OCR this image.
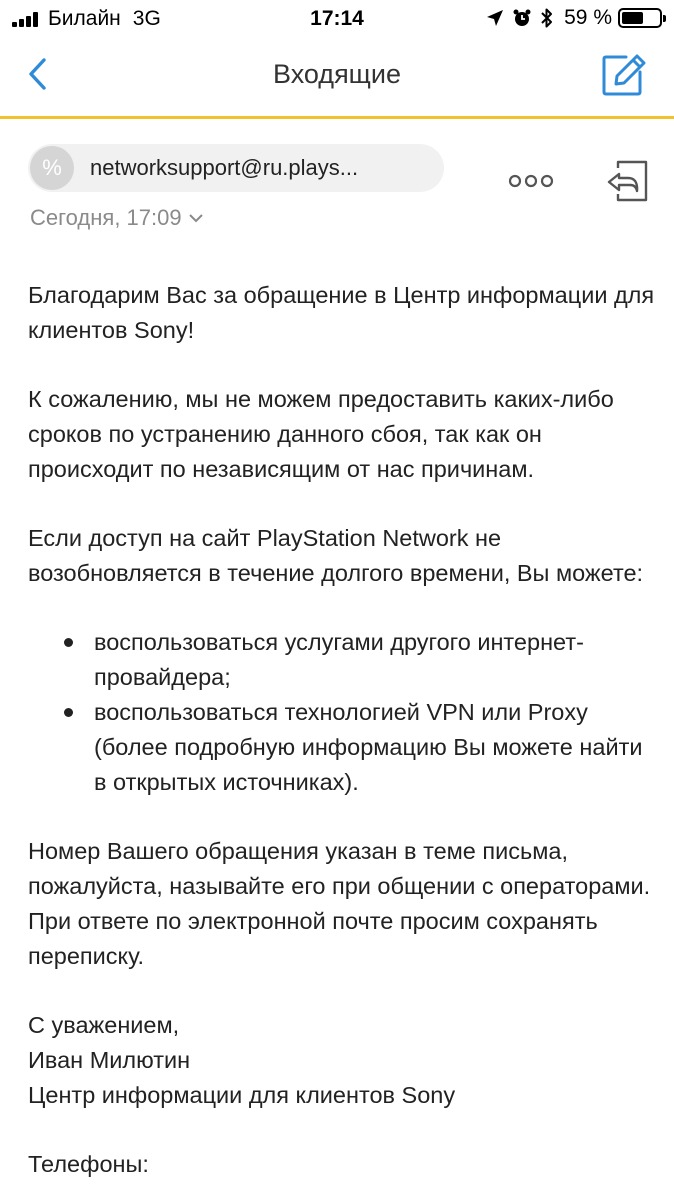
Билайн 3G	17:14	59 %
Входящие
%	networksupport@ru.plays...
Сегодня, 17:09

Благодарим Вас за обращение в Центр информации для клиентов Sony!

К сожалению, мы не можем предоставить каких-либо сроков по устранению данного сбоя, так как он происходит по независящим от нас причинам.

Если доступ на сайт PlayStation Network не возобновляется в течение долгого времени, Вы можете:

воспользоваться услугами другого интернет-провайдера;
воспользоваться технологией VPN или Proxy (более подробную информацию Вы можете найти в открытых источниках).

Номер Вашего обращения указан в теме письма, пожалуйста, называйте его при общении с операторами. При ответе по электронной почте просим сохранять переписку.

С уважением,
Иван Милютин
Центр информации для клиентов Sony

Телефоны:
